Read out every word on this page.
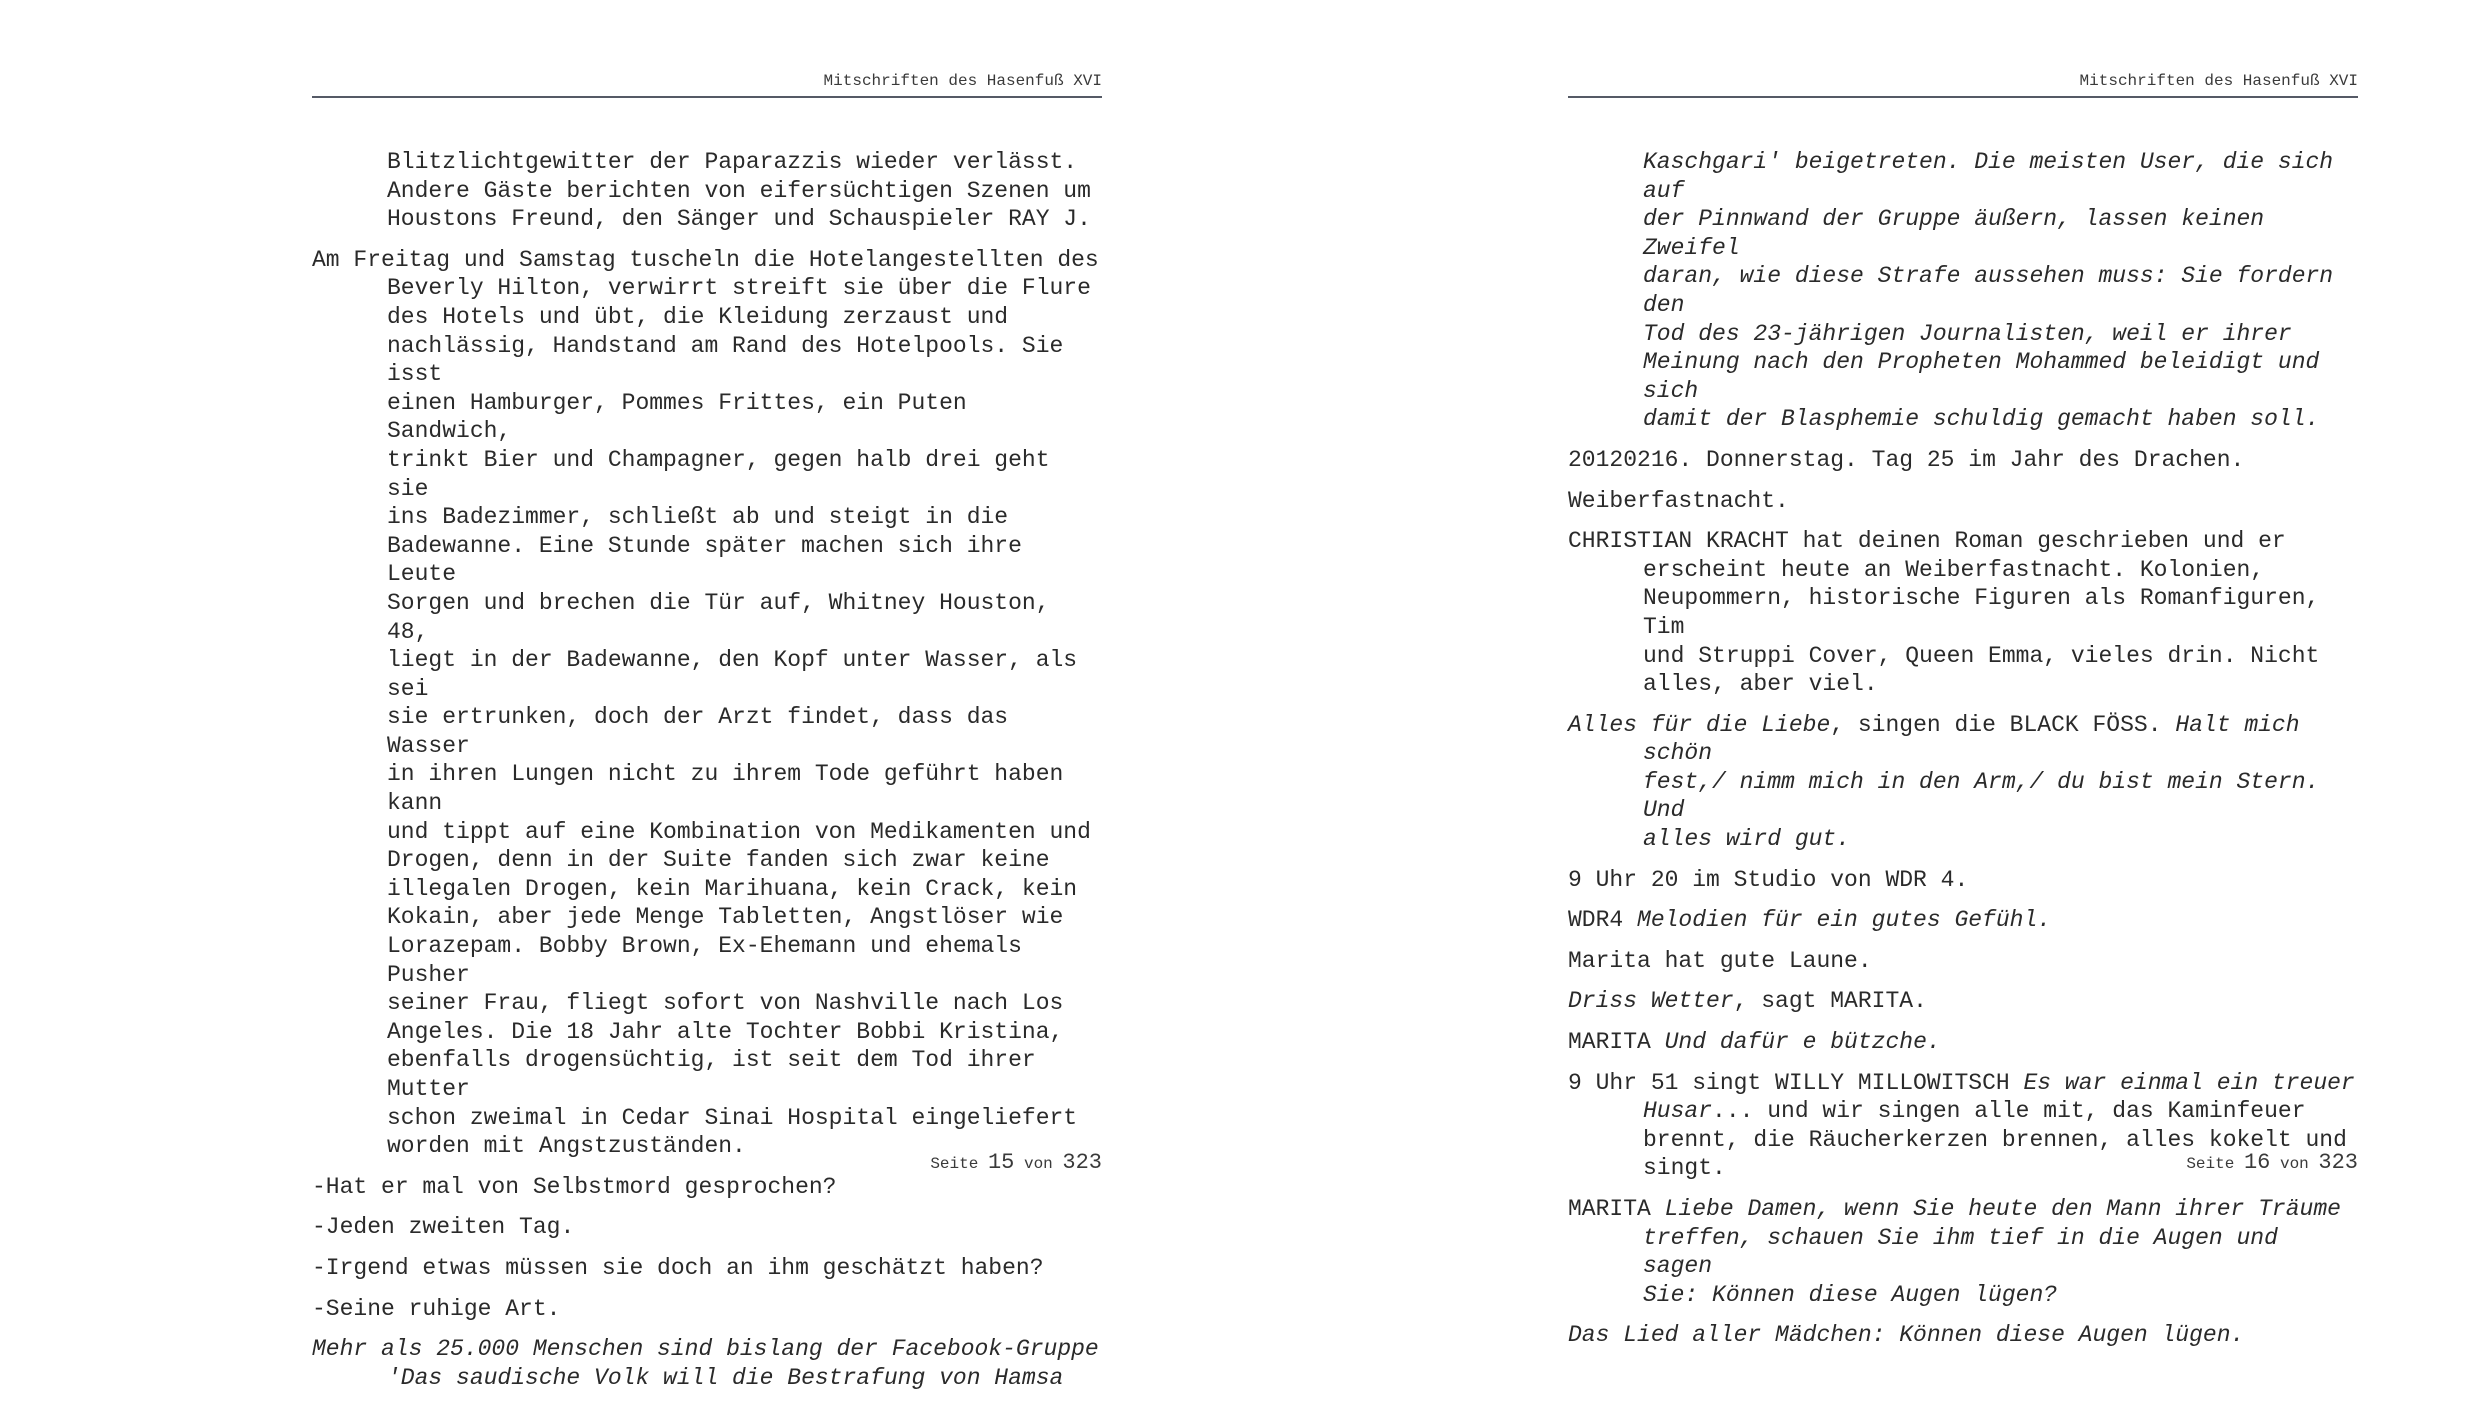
Mitschriften des Hasenfuß XVI

Blitzlichtgewitter der Paparazzis wieder verlässt.
Andere Gäste berichten von eifersüchtigen Szenen um
Houstons Freund, den Sänger und Schauspieler RAY J.

Am Freitag und Samstag tuscheln die Hotelangestellten des
Beverly Hilton, verwirrt streift sie über die Flure
des Hotels und übt, die Kleidung zerzaust und
nachlässig, Handstand am Rand des Hotelpools. Sie isst
einen Hamburger, Pommes Frittes, ein Puten Sandwich,
trinkt Bier und Champagner, gegen halb drei geht sie
ins Badezimmer, schließt ab und steigt in die
Badewanne. Eine Stunde später machen sich ihre Leute
Sorgen und brechen die Tür auf, Whitney Houston, 48,
liegt in der Badewanne, den Kopf unter Wasser, als sei
sie ertrunken, doch der Arzt findet, dass das Wasser
in ihren Lungen nicht zu ihrem Tode geführt haben kann
und tippt auf eine Kombination von Medikamenten und
Drogen, denn in der Suite fanden sich zwar keine
illegalen Drogen, kein Marihuana, kein Crack, kein
Kokain, aber jede Menge Tabletten, Angstlöser wie
Lorazepam. Bobby Brown, Ex-Ehemann und ehemals Pusher
seiner Frau, fliegt sofort von Nashville nach Los
Angeles. Die 18 Jahr alte Tochter Bobbi Kristina,
ebenfalls drogensüchtig, ist seit dem Tod ihrer Mutter
schon zweimal in Cedar Sinai Hospital eingeliefert
worden mit Angstzuständen.

-Hat er mal von Selbstmord gesprochen?

-Jeden zweiten Tag.

-Irgend etwas müssen sie doch an ihm geschätzt haben?

-Seine ruhige Art.

Mehr als 25.000 Menschen sind bislang der Facebook-Gruppe
'Das saudische Volk will die Bestrafung von Hamsa

Seite 15 von 323
Mitschriften des Hasenfuß XVI

Kaschgari' beigetreten. Die meisten User, die sich auf
der Pinnwand der Gruppe äußern, lassen keinen Zweifel
daran, wie diese Strafe aussehen muss: Sie fordern den
Tod des 23-jährigen Journalisten, weil er ihrer
Meinung nach den Propheten Mohammed beleidigt und sich
damit der Blasphemie schuldig gemacht haben soll.

20120216. Donnerstag. Tag 25 im Jahr des Drachen.

Weiberfastnacht.

CHRISTIAN KRACHT hat deinen Roman geschrieben und er
erscheint heute an Weiberfastnacht. Kolonien,
Neupommern, historische Figuren als Romanfiguren, Tim
und Struppi Cover, Queen Emma, vieles drin. Nicht
alles, aber viel.

Alles für die Liebe, singen die BLACK FÖSS. Halt mich schön
fest,/ nimm mich in den Arm,/ du bist mein Stern. Und
alles wird gut.

9 Uhr 20 im Studio von WDR 4.

WDR4 Melodien für ein gutes Gefühl.

Marita hat gute Laune.

Driss Wetter, sagt MARITA.

MARITA Und dafür e bützche.

9 Uhr 51 singt WILLY MILLOWITSCH Es war einmal ein treuer
Husar... und wir singen alle mit, das Kaminfeuer
brennt, die Räucherkerzen brennen, alles kokelt und
singt.

MARITA Liebe Damen, wenn Sie heute den Mann ihrer Träume
treffen, schauen Sie ihm tief in die Augen und sagen
Sie: Können diese Augen lügen?

Das Lied aller Mädchen: Können diese Augen lügen.

Seite 16 von 323
